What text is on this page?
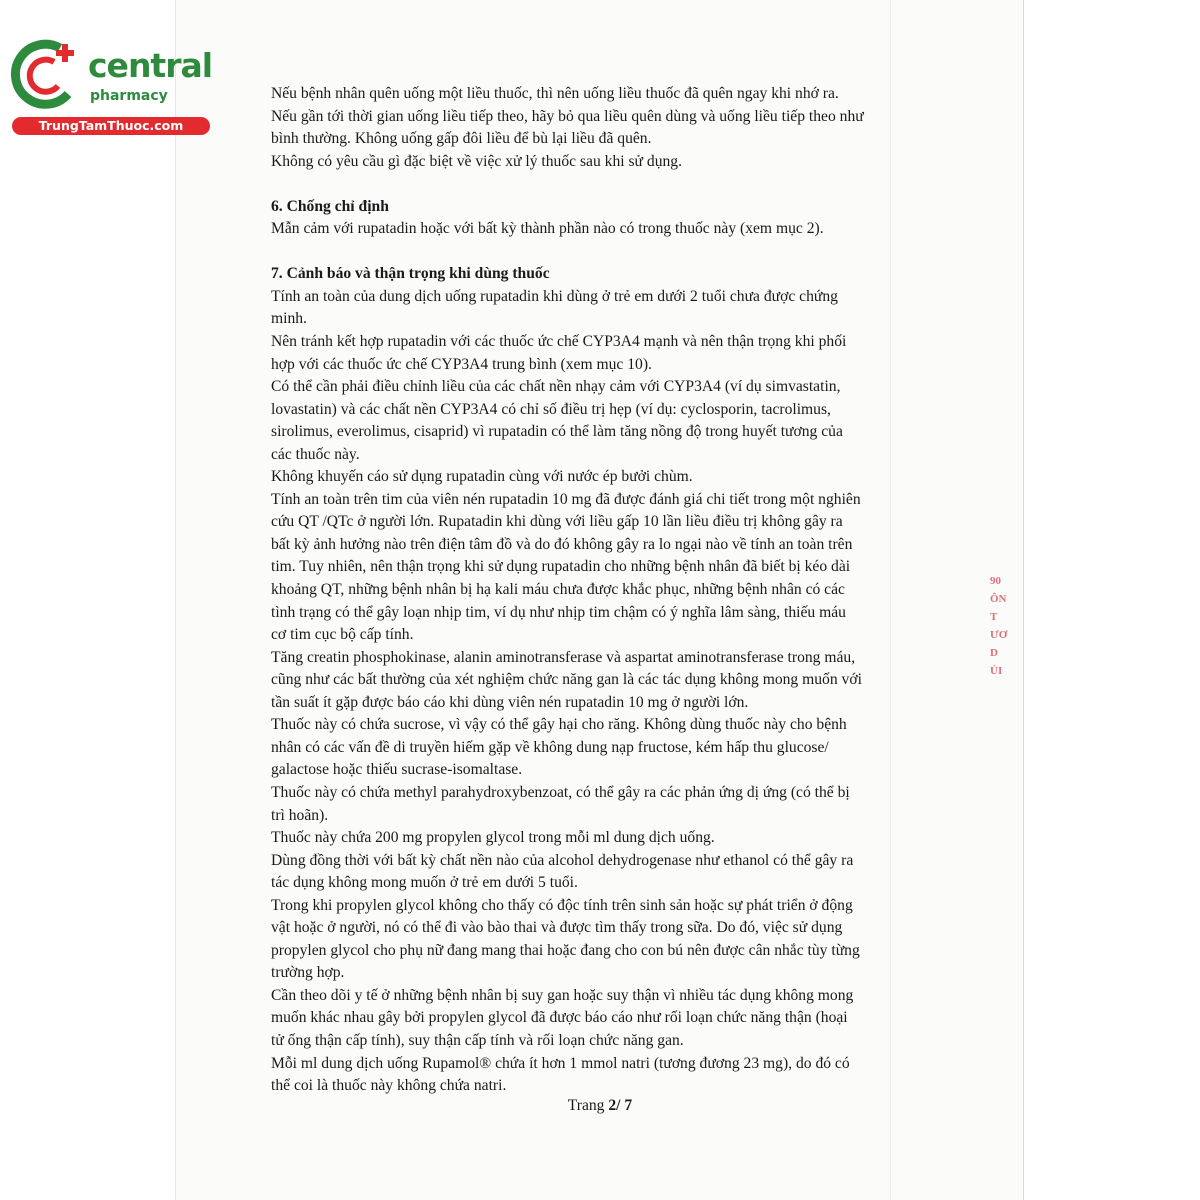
central
pharmacy
TrungTamThuoc.com
Nếu bệnh nhân quên uống một liều thuốc, thì nên uống liều thuốc đã quên ngay khi nhớ ra.
Nếu gần tới thời gian uống liều tiếp theo, hãy bỏ qua liều quên dùng và uống liều tiếp theo như
bình thường. Không uống gấp đôi liều để bù lại liều đã quên.
Không có yêu cầu gì đặc biệt về việc xử lý thuốc sau khi sử dụng.
6. Chống chỉ định
Mẫn cảm với rupatadin hoặc với bất kỳ thành phần nào có trong thuốc này (xem mục 2).
7. Cảnh báo và thận trọng khi dùng thuốc
Tính an toàn của dung dịch uống rupatadin khi dùng ở trẻ em dưới 2 tuổi chưa được chứng
minh.
Nên tránh kết hợp rupatadin với các thuốc ức chế CYP3A4 mạnh và nên thận trọng khi phối
hợp với các thuốc ức chế CYP3A4 trung bình (xem mục 10).
Có thể cần phải điều chỉnh liều của các chất nền nhạy cảm với CYP3A4 (ví dụ simvastatin,
lovastatin) và các chất nền CYP3A4 có chỉ số điều trị hẹp (ví dụ: cyclosporin, tacrolimus,
sirolimus, everolimus, cisaprid) vì rupatadin có thể làm tăng nồng độ trong huyết tương của
các thuốc này.
Không khuyến cáo sử dụng rupatadin cùng với nước ép bưởi chùm.
Tính an toàn trên tim của viên nén rupatadin 10 mg đã được đánh giá chi tiết trong một nghiên
cứu QT /QTc ở người lớn. Rupatadin khi dùng với liều gấp 10 lần liều điều trị không gây ra
bất kỳ ảnh hưởng nào trên điện tâm đồ và do đó không gây ra lo ngại nào về tính an toàn trên
tim. Tuy nhiên, nên thận trọng khi sử dụng rupatadin cho những bệnh nhân đã biết bị kéo dài
khoảng QT, những bệnh nhân bị hạ kali máu chưa được khắc phục, những bệnh nhân có các
tình trạng có thể gây loạn nhịp tim, ví dụ như nhịp tim chậm có ý nghĩa lâm sàng, thiếu máu
cơ tim cục bộ cấp tính.
Tăng creatin phosphokinase, alanin aminotransferase và aspartat aminotransferase trong máu,
cũng như các bất thường của xét nghiệm chức năng gan là các tác dụng không mong muốn với
tần suất ít gặp được báo cáo khi dùng viên nén rupatadin 10 mg ở người lớn.
Thuốc này có chứa sucrose, vì vậy có thể gây hại cho răng. Không dùng thuốc này cho bệnh
nhân có các vấn đề di truyền hiếm gặp về không dung nạp fructose, kém hấp thu glucose/
galactose hoặc thiếu sucrase-isomaltase.
Thuốc này có chứa methyl parahydroxybenzoat, có thể gây ra các phản ứng dị ứng (có thể bị
trì hoãn).
Thuốc này chứa 200 mg propylen glycol trong mỗi ml dung dịch uống.
Dùng đồng thời với bất kỳ chất nền nào của alcohol dehydrogenase như ethanol có thể gây ra
tác dụng không mong muốn ở trẻ em dưới 5 tuổi.
Trong khi propylen glycol không cho thấy có độc tính trên sinh sản hoặc sự phát triển ở động
vật hoặc ở người, nó có thể đi vào bào thai và được tìm thấy trong sữa. Do đó, việc sử dụng
propylen glycol cho phụ nữ đang mang thai hoặc đang cho con bú nên được cân nhắc tùy từng
trường hợp.
Cần theo dõi y tế ở những bệnh nhân bị suy gan hoặc suy thận vì nhiều tác dụng không mong
muốn khác nhau gây bởi propylen glycol đã được báo cáo như rối loạn chức năng thận (hoại
tử ống thận cấp tính), suy thận cấp tính và rối loạn chức năng gan.
Mỗi ml dung dịch uống Rupamol® chứa ít hơn 1 mmol natri (tương đương 23 mg), do đó có
thể coi là thuốc này không chứa natri.
Trang 2/ 7
90
ÔN
T
ƯƠ
D
ỦI
